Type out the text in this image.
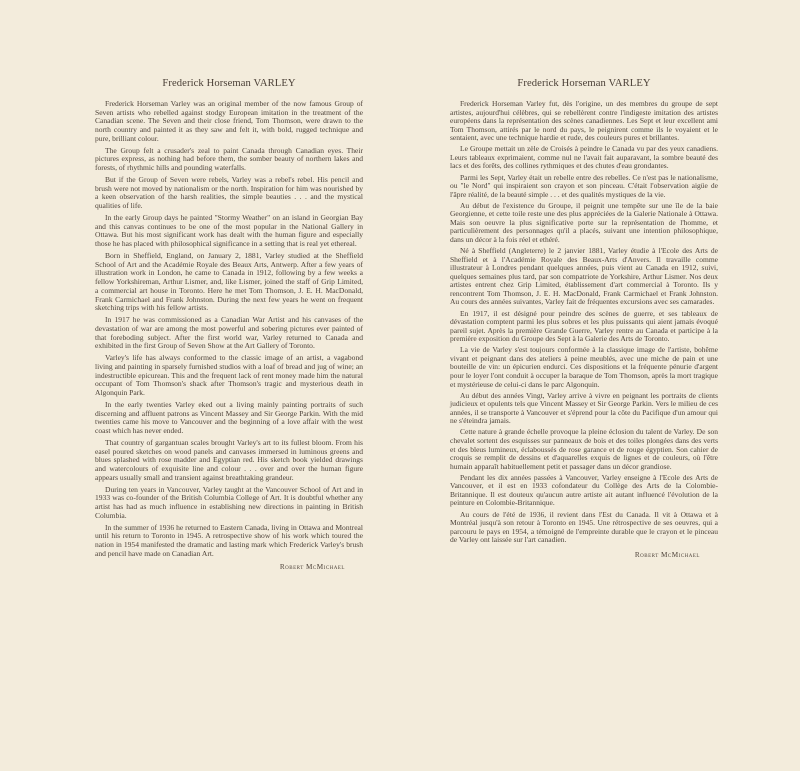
Frederick Horseman VARLEY

Frederick Horseman Varley was an original member of the now famous Group of Seven artists who rebelled against stodgy European imitation in the treatment of the Canadian scene. The Seven and their close friend, Tom Thomson, were drawn to the north country and painted it as they saw and felt it, with bold, rugged technique and pure, brilliant colour.

The Group felt a crusader's zeal to paint Canada through Canadian eyes. Their pictures express, as nothing had before them, the somber beauty of northern lakes and forests, of rhythmic hills and pounding waterfalls.

But if the Group of Seven were rebels, Varley was a rebel's rebel. His pencil and brush were not moved by nationalism or the north. Inspiration for him was nourished by a keen observation of the harsh realities, the simple beauties . . . and the mystical qualities of life.

In the early Group days he painted "Stormy Weather" on an island in Georgian Bay and this canvas continues to be one of the most popular in the National Gallery in Ottawa. But his most significant work has dealt with the human figure and especially those he has placed with philosophical significance in a setting that is real yet ethereal.

Born in Sheffield, England, on January 2, 1881, Varley studied at the Sheffield School of Art and the Académie Royale des Beaux Arts, Antwerp. After a few years of illustration work in London, he came to Canada in 1912, following by a few weeks a fellow Yorkshireman, Arthur Lismer, and, like Lismer, joined the staff of Grip Limited, a commercial art house in Toronto. Here he met Tom Thomson, J. E. H. MacDonald, Frank Carmichael and Frank Johnston. During the next few years he went on frequent sketching trips with his fellow artists.

In 1917 he was commissioned as a Canadian War Artist and his canvases of the devastation of war are among the most powerful and sobering pictures ever painted of that foreboding subject. After the first world war, Varley returned to Canada and exhibited in the first Group of Seven Show at the Art Gallery of Toronto.

Varley's life has always conformed to the classic image of an artist, a vagabond living and painting in sparsely furnished studios with a loaf of bread and jug of wine; an indestructible epicurean. This and the frequent lack of rent money made him the natural occupant of Tom Thomson's shack after Thomson's tragic and mysterious death in Algonquin Park.

In the early twenties Varley eked out a living mainly painting portraits of such discerning and affluent patrons as Vincent Massey and Sir George Parkin. With the mid twenties came his move to Vancouver and the beginning of a love affair with the west coast which has never ended.

That country of gargantuan scales brought Varley's art to its fullest bloom. From his easel poured sketches on wood panels and canvases immersed in luminous greens and blues splashed with rose madder and Egyptian red. His sketch book yielded drawings and watercolours of exquisite line and colour . . . over and over the human figure appears usually small and transient against breathtaking grandeur.

During ten years in Vancouver, Varley taught at the Vancouver School of Art and in 1933 was co-founder of the British Columbia College of Art. It is doubtful whether any artist has had as much influence in establishing new directions in painting in British Columbia.

In the summer of 1936 he returned to Eastern Canada, living in Ottawa and Montreal until his return to Toronto in 1945. A retrospective show of his work which toured the nation in 1954 manifested the dramatic and lasting mark which Frederick Varley's brush and pencil have made on Canadian Art.

Robert McMichael
Frederick Horseman VARLEY

Frederick Horseman Varley fut, dès l'origine, un des membres du groupe de sept artistes, aujourd'hui célèbres, qui se rebellèrent contre l'indigeste imitation des artistes européens dans la représentation des scènes canadiennes. Les Sept et leur excellent ami Tom Thomson, attirés par le nord du pays, le peignirent comme ils le voyaient et le sentaient, avec une technique hardie et rude, des couleurs pures et brillantes.

Le Groupe mettait un zèle de Croisés à peindre le Canada vu par des yeux canadiens. Leurs tableaux exprimaient, comme nul ne l'avait fait auparavant, la sombre beauté des lacs et des forêts, des collines rythmiques et des chutes d'eau grondantes.

Parmi les Sept, Varley était un rebelle entre des rebelles. Ce n'est pas le nationalisme, ou "le Nord" qui inspiraient son crayon et son pinceau. C'était l'observation aigüe de l'âpre réalité, de la beauté simple . . . et des qualités mystiques de la vie.

Au début de l'existence du Groupe, il peignit une tempête sur une île de la baie Georgienne, et cette toile reste une des plus appréciées de la Galerie Nationale à Ottawa. Mais son oeuvre la plus significative porte sur la représentation de l'homme, et particulièrement des personnages qu'il a placés, suivant une intention philosophique, dans un décor à la fois réel et ethéré.

Né à Sheffield (Angleterre) le 2 janvier 1881, Varley étudie à l'Ecole des Arts de Sheffield et à l'Académie Royale des Beaux-Arts d'Anvers. Il travaille comme illustrateur à Londres pendant quelques années, puis vient au Canada en 1912, suivi, quelques semaines plus tard, par son compatriote de Yorkshire, Arthur Lismer. Nos deux artistes entrent chez Grip Limited, établissement d'art commercial à Toronto. Ils y rencontrent Tom Thomson, J. E. H. MacDonald, Frank Carmichael et Frank Johnston. Au cours des années suivantes, Varley fait de fréquentes excursions avec ses camarades.

En 1917, il est désigné pour peindre des scènes de guerre, et ses tableaux de dévastation comptent parmi les plus sobres et les plus puissants qui aient jamais évoqué pareil sujet. Après la première Grande Guerre, Varley rentre au Canada et participe à la première exposition du Groupe des Sept à la Galerie des Arts de Toronto.

La vie de Varley s'est toujours conformée à la classique image de l'artiste, bohême vivant et peignant dans des ateliers à peine meublés, avec une miche de pain et une bouteille de vin: un épicurien endurci. Ces dispositions et la fréquente pénurie d'argent pour le loyer l'ont conduit à occuper la baraque de Tom Thomson, après la mort tragique et mystérieuse de celui-ci dans le parc Algonquin.

Au début des années Vingt, Varley arrive à vivre en peignant les portraits de clients judicieux et opulents tels que Vincent Massey et Sir George Parkin. Vers le milieu de ces années, il se transporte à Vancouver et s'éprend pour la côte du Pacifique d'un amour qui ne s'éteindra jamais.

Cette nature à grande échelle provoque la pleine éclosion du talent de Varley. De son chevalet sortent des esquisses sur panneaux de bois et des toiles plongées dans des verts et des bleus lumineux, éclaboussés de rose garance et de rouge égyptien. Son cahier de croquis se remplit de dessins et d'aquarelles exquis de lignes et de couleurs, où l'être humain apparaît habituellement petit et passager dans un décor grandiose.

Pendant les dix années passées à Vancouver, Varley enseigne à l'Ecole des Arts de Vancouver, et il est en 1933 cofondateur du Collège des Arts de la Colombie-Britannique. Il est douteux qu'aucun autre artiste ait autant influencé l'évolution de la peinture en Colombie-Britannique.

Au cours de l'été de 1936, il revient dans l'Est du Canada. Il vit à Ottawa et à Montréal jusqu'à son retour à Toronto en 1945. Une rétrospective de ses oeuvres, qui a parcouru le pays en 1954, a témoigné de l'empreinte durable que le crayon et le pinceau de Varley ont laissée sur l'art canadien.

Robert McMichael
